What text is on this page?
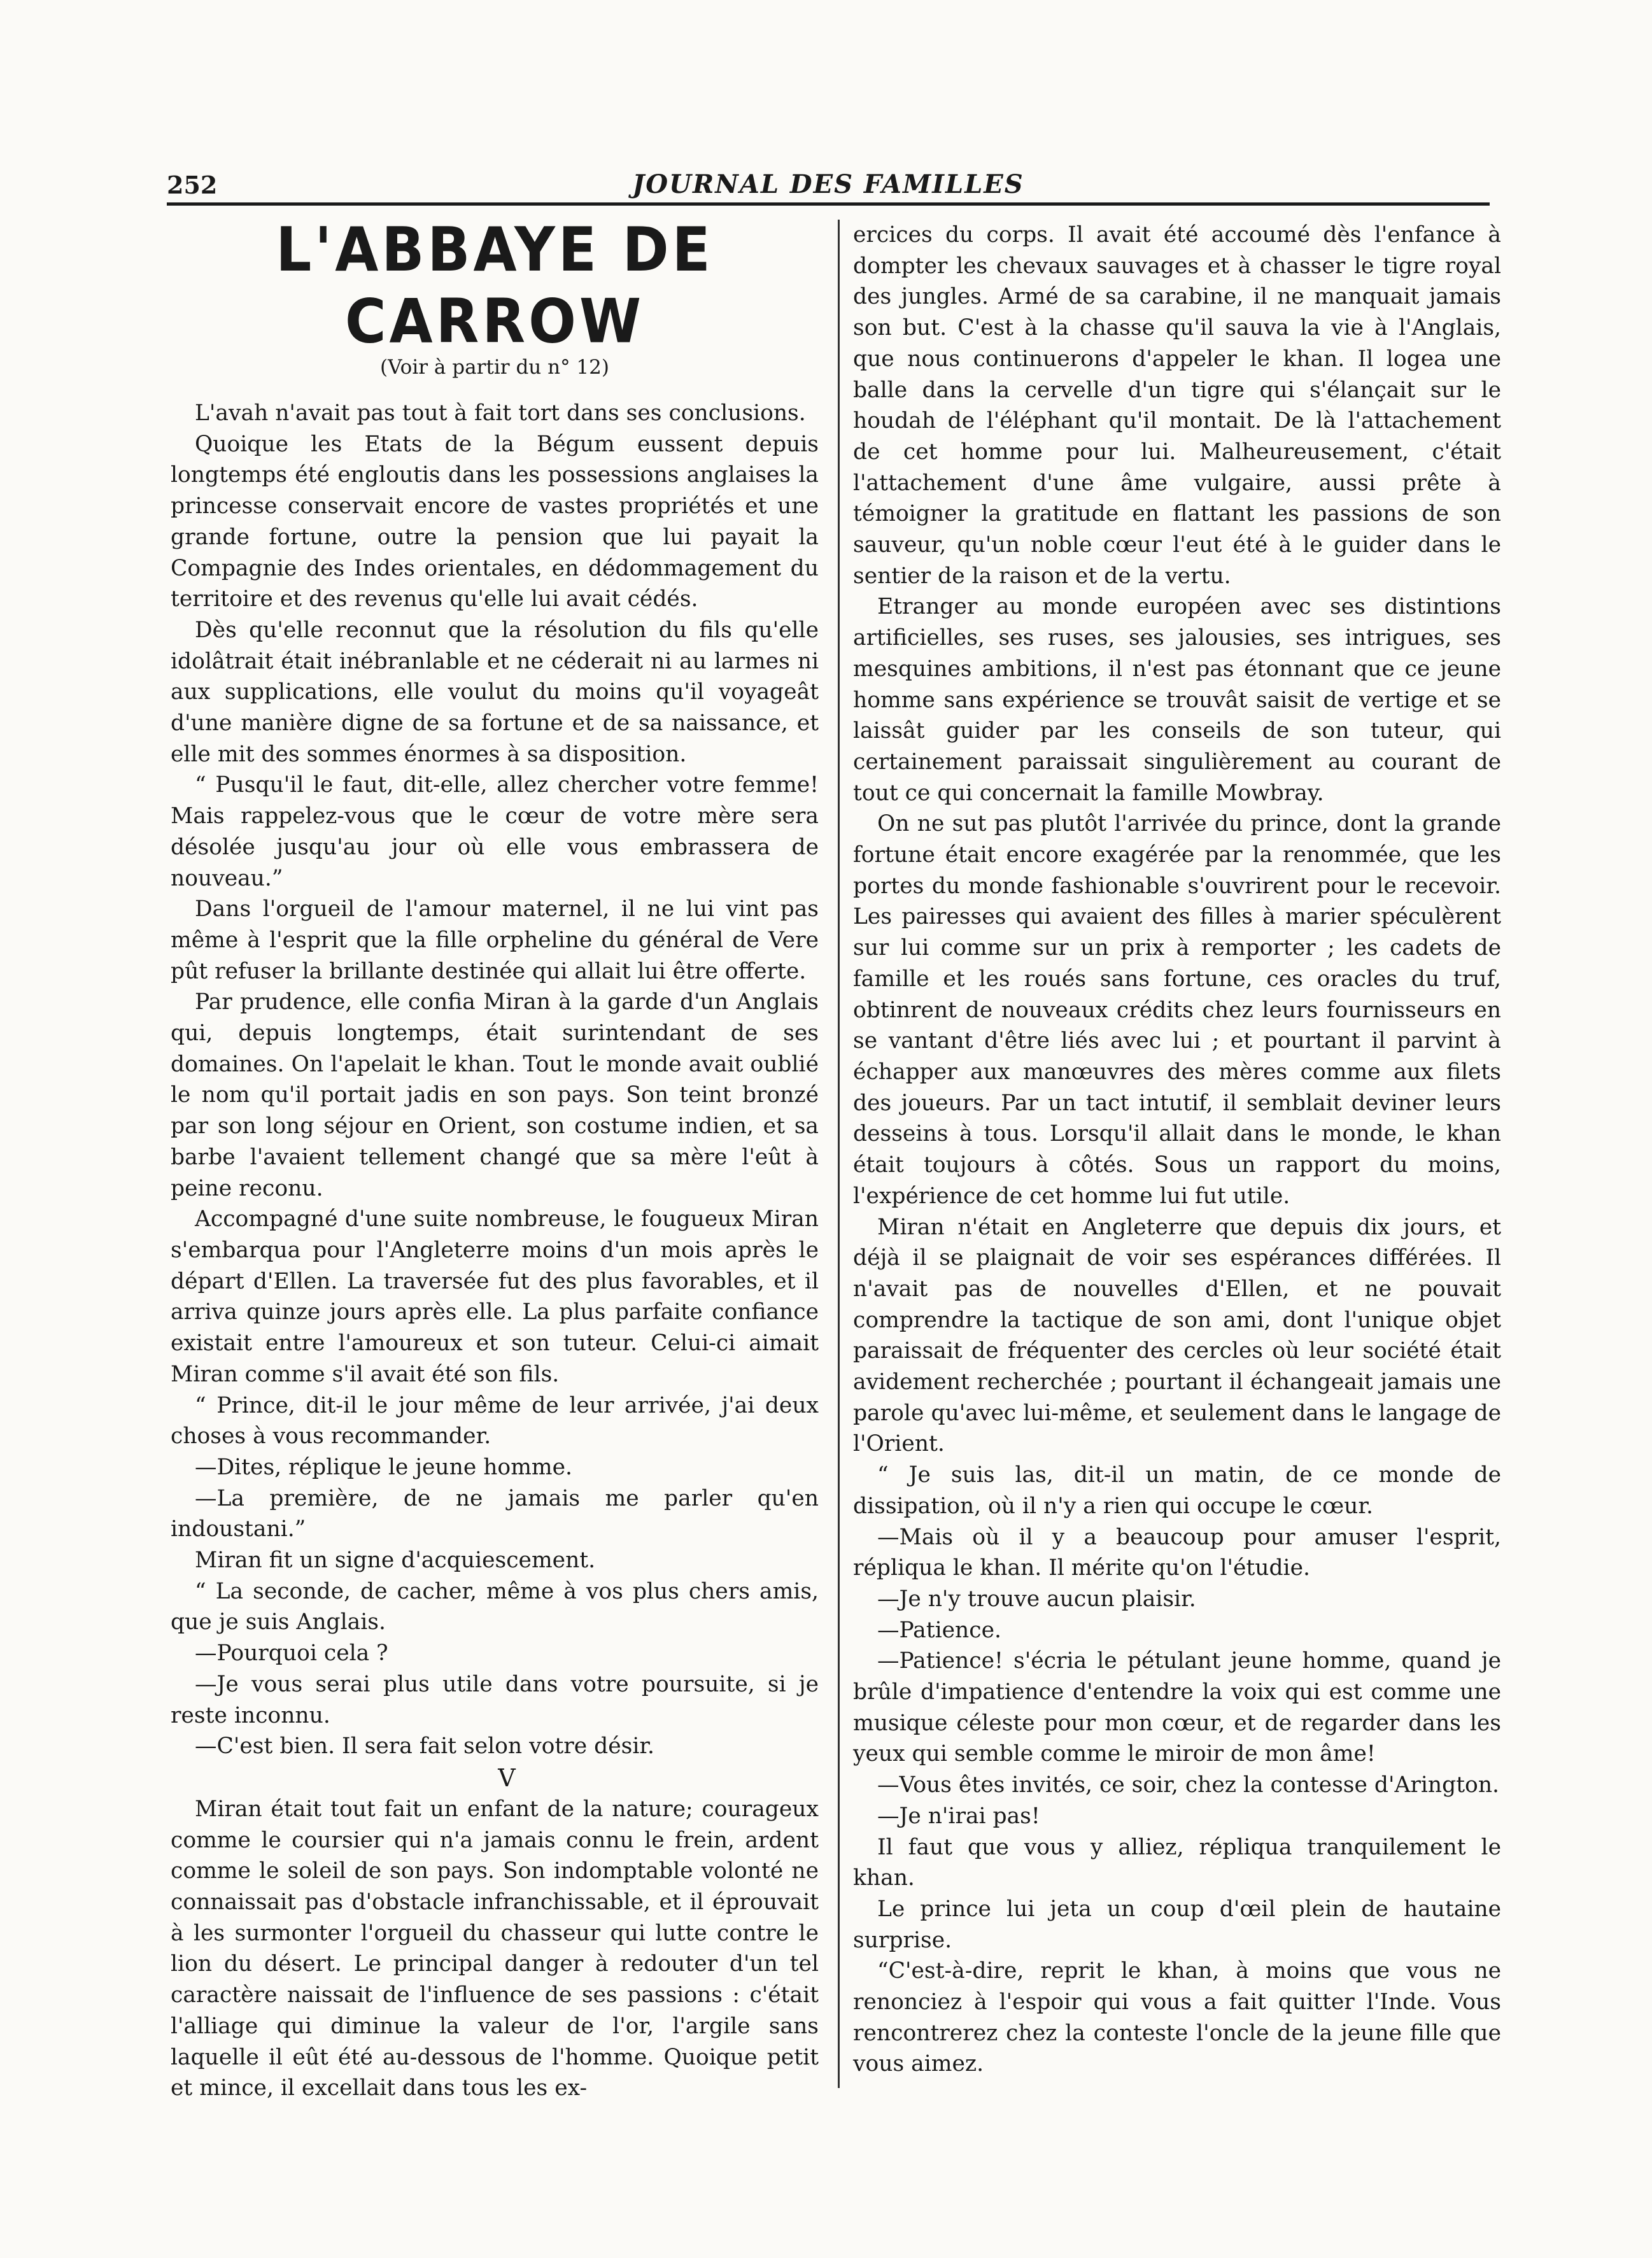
252	JOURNAL DES FAMILLES
L'ABBAYE DE CARROW
(Voir à partir du n° 12)

L'avah n'avait pas tout à fait tort dans ses conclusions.

Quoique les Etats de la Bégum eussent depuis longtemps été engloutis dans les possessions anglaises la princesse conservait encore de vastes propriétés et une grande fortune, outre la pension que lui payait la Compagnie des Indes orientales, en dédommagement du territoire et des revenus qu'elle lui avait cédés.

Dès qu'elle reconnut que la résolution du fils qu'elle idolâtrait était inébranlable et ne céderait ni au larmes ni aux supplications, elle voulut du moins qu'il voyageât d'une manière digne de sa fortune et de sa naissance, et elle mit des sommes énormes à sa disposition.

“ Pusqu'il le faut, dit-elle, allez chercher votre femme! Mais rappelez-vous que le cœur de votre mère sera désolée jusqu'au jour où elle vous embrassera de nouveau.”

Dans l'orgueil de l'amour maternel, il ne lui vint pas même à l'esprit que la fille orpheline du général de Vere pût refuser la brillante destinée qui allait lui être offerte.

Par prudence, elle confia Miran à la garde d'un Anglais qui, depuis longtemps, était surintendant de ses domaines. On l'apelait le khan. Tout le monde avait oublié le nom qu'il portait jadis en son pays. Son teint bronzé par son long séjour en Orient, son costume indien, et sa barbe l'avaient tellement changé que sa mère l'eût à peine reconu.

Accompagné d'une suite nombreuse, le fougueux Miran s'embarqua pour l'Angleterre moins d'un mois après le départ d'Ellen. La traversée fut des plus favorables, et il arriva quinze jours après elle. La plus parfaite confiance existait entre l'amoureux et son tuteur. Celui-ci aimait Miran comme s'il avait été son fils.

“ Prince, dit-il le jour même de leur arrivée, j'ai deux choses à vous recommander.

—Dites, réplique le jeune homme.

—La première, de ne jamais me parler qu'en indoustani.”

Miran fit un signe d'acquiescement.

“ La seconde, de cacher, même à vos plus chers amis, que je suis Anglais.

—Pourquoi cela ?

—Je vous serai plus utile dans votre poursuite, si je reste inconnu.

—C'est bien. Il sera fait selon votre désir.

V

Miran était tout fait un enfant de la nature; courageux comme le coursier qui n'a jamais connu le frein, ardent comme le soleil de son pays. Son indomptable volonté ne connaissait pas d'obstacle infranchissable, et il éprouvait à les surmonter l'orgueil du chasseur qui lutte contre le lion du désert. Le principal danger à redouter d'un tel caractère naissait de l'influence de ses passions : c'était l'alliage qui diminue la valeur de l'or, l'argile sans laquelle il eût été au-dessous de l'homme. Quoique petit et mince, il excellait dans tous les ex-

ercices du corps. Il avait été accoumé dès l'enfance à dompter les chevaux sauvages et à chasser le tigre royal des jungles. Armé de sa carabine, il ne manquait jamais son but. C'est à la chasse qu'il sauva la vie à l'Anglais, que nous continuerons d'appeler le khan. Il logea une balle dans la cervelle d'un tigre qui s'élançait sur le houdah de l'éléphant qu'il montait. De là l'attachement de cet homme pour lui. Malheureusement, c'était l'attachement d'une âme vulgaire, aussi prête à témoigner la gratitude en flattant les passions de son sauveur, qu'un noble cœur l'eut été à le guider dans le sentier de la raison et de la vertu.

Etranger au monde européen avec ses distintions artificielles, ses ruses, ses jalousies, ses intrigues, ses mesquines ambitions, il n'est pas étonnant que ce jeune homme sans expérience se trouvât saisit de vertige et se laissât guider par les conseils de son tuteur, qui certainement paraissait singulièrement au courant de tout ce qui concernait la famille Mowbray.

On ne sut pas plutôt l'arrivée du prince, dont la grande fortune était encore exagérée par la renommée, que les portes du monde fashionable s'ouvrirent pour le recevoir. Les pairesses qui avaient des filles à marier spéculèrent sur lui comme sur un prix à remporter ; les cadets de famille et les roués sans fortune, ces oracles du truf, obtinrent de nouveaux crédits chez leurs fournisseurs en se vantant d'être liés avec lui ; et pourtant il parvint à échapper aux manœuvres des mères comme aux filets des joueurs. Par un tact intutif, il semblait deviner leurs desseins à tous. Lorsqu'il allait dans le monde, le khan était toujours à côtés. Sous un rapport du moins, l'expérience de cet homme lui fut utile.

Miran n'était en Angleterre que depuis dix jours, et déjà il se plaignait de voir ses espérances différées. Il n'avait pas de nouvelles d'Ellen, et ne pouvait comprendre la tactique de son ami, dont l'unique objet paraissait de fréquenter des cercles où leur société était avidement recherchée ; pourtant il échangeait jamais une parole qu'avec lui-même, et seulement dans le langage de l'Orient.

“ Je suis las, dit-il un matin, de ce monde de dissipation, où il n'y a rien qui occupe le cœur.

—Mais où il y a beaucoup pour amuser l'esprit, répliqua le khan. Il mérite qu'on l'étudie.

—Je n'y trouve aucun plaisir.

—Patience.

—Patience! s'écria le pétulant jeune homme, quand je brûle d'impatience d'entendre la voix qui est comme une musique céleste pour mon cœur, et de regarder dans les yeux qui semble comme le miroir de mon âme!

—Vous êtes invités, ce soir, chez la contesse d'Arington.

—Je n'irai pas!

Il faut que vous y alliez, répliqua tranquilement le khan.

Le prince lui jeta un coup d'œil plein de hautaine surprise.

“C'est-à-dire, reprit le khan, à moins que vous ne renonciez à l'espoir qui vous a fait quitter l'Inde. Vous rencontrerez chez la conteste l'oncle de la jeune fille que vous aimez.
